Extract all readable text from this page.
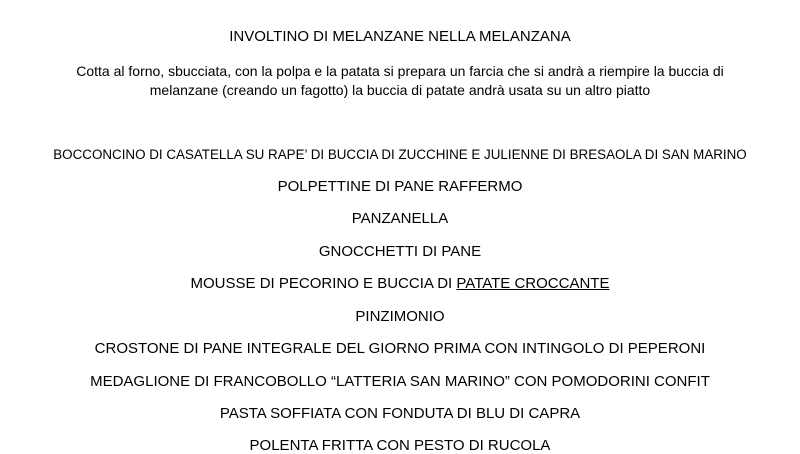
INVOLTINO DI MELANZANE NELLA MELANZANA
Cotta al forno, sbucciata, con la polpa e la patata si prepara un farcia che si andrà a riempire la buccia di
melanzane (creando un fagotto) la buccia di patate andrà usata su un altro piatto
BOCCONCINO DI CASATELLA SU RAPE’ DI BUCCIA DI ZUCCHINE E JULIENNE DI BRESAOLA DI SAN MARINO
POLPETTINE DI PANE RAFFERMO
PANZANELLA
GNOCCHETTI DI PANE
MOUSSE DI PECORINO E BUCCIA DI PATATE CROCCANTE
PINZIMONIO
CROSTONE DI PANE INTEGRALE DEL GIORNO PRIMA CON INTINGOLO DI PEPERONI
MEDAGLIONE DI FRANCOBOLLO “LATTERIA SAN MARINO” CON POMODORINI CONFIT
PASTA SOFFIATA CON FONDUTA DI BLU DI CAPRA
POLENTA FRITTA CON PESTO DI RUCOLA
